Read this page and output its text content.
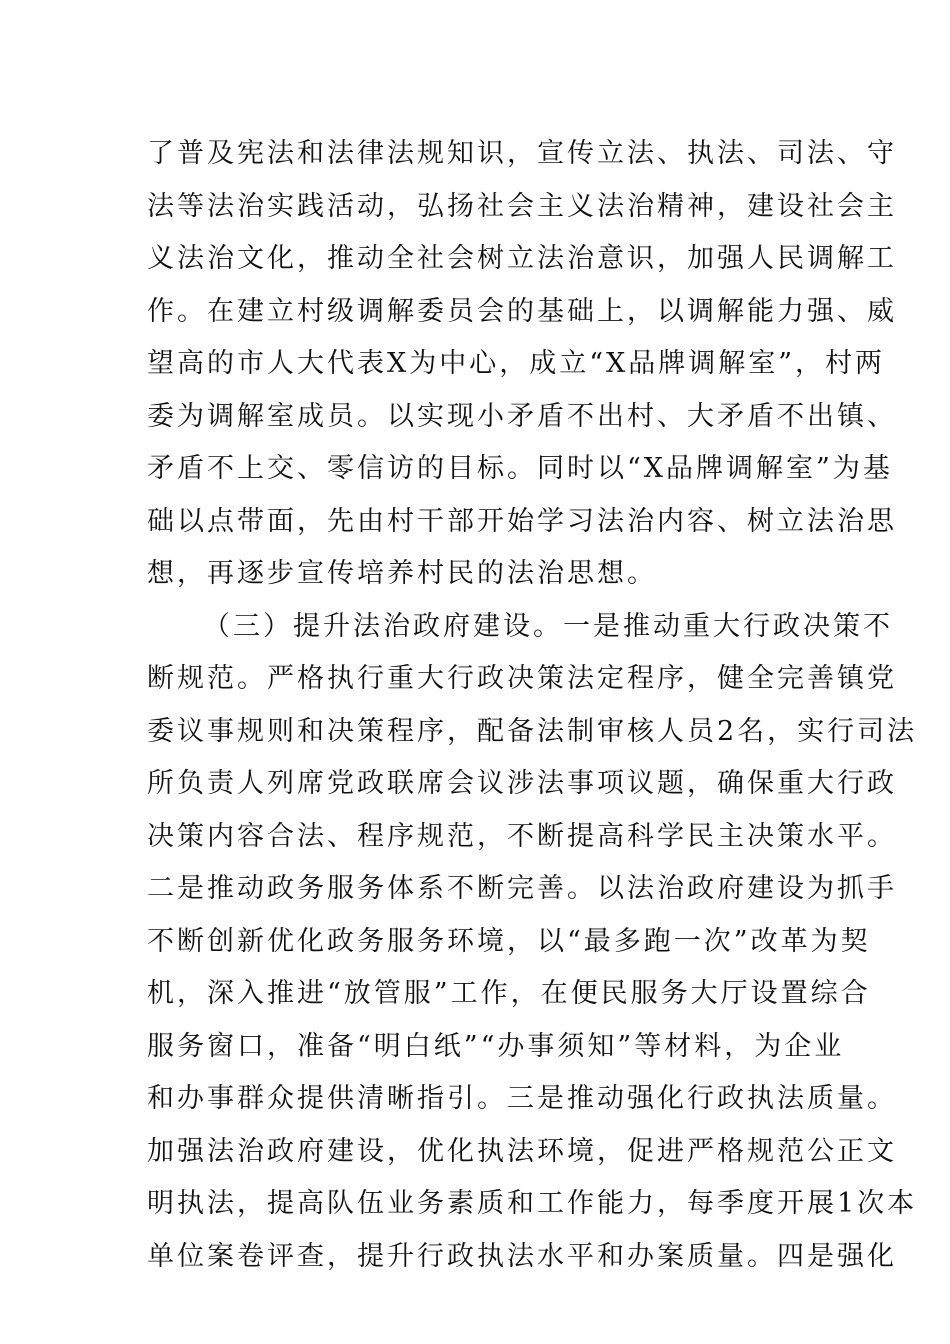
了普及宪法和法律法规知识，宣传立法、执法、司法、守
法等法治实践活动，弘扬社会主义法治精神，建设社会主
义法治文化，推动全社会树立法治意识，加强人民调解工
作。在建立村级调解委员会的基础上，以调解能力强、威
望高的市人大代表X为中心，成立“X品牌调解室”，村两
委为调解室成员。以实现小矛盾不出村、大矛盾不出镇、
矛盾不上交、零信访的目标。同时以“X品牌调解室”为基
础以点带面，先由村干部开始学习法治内容、树立法治思
想，再逐步宣传培养村民的法治思想。
（三）提升法治政府建设。一是推动重大行政决策不
断规范。严格执行重大行政决策法定程序，健全完善镇党
委议事规则和决策程序，配备法制审核人员2名，实行司法
所负责人列席党政联席会议涉法事项议题，确保重大行政
决策内容合法、程序规范，不断提高科学民主决策水平。
二是推动政务服务体系不断完善。以法治政府建设为抓手
不断创新优化政务服务环境，以“最多跑一次”改革为契
机，深入推进“放管服”工作，在便民服务大厅设置综合
服务窗口，准备“明白纸”“办事须知”等材料，为企业
和办事群众提供清晰指引。三是推动强化行政执法质量。
加强法治政府建设，优化执法环境，促进严格规范公正文
明执法，提高队伍业务素质和工作能力，每季度开展1次本
单位案卷评查，提升行政执法水平和办案质量。四是强化
